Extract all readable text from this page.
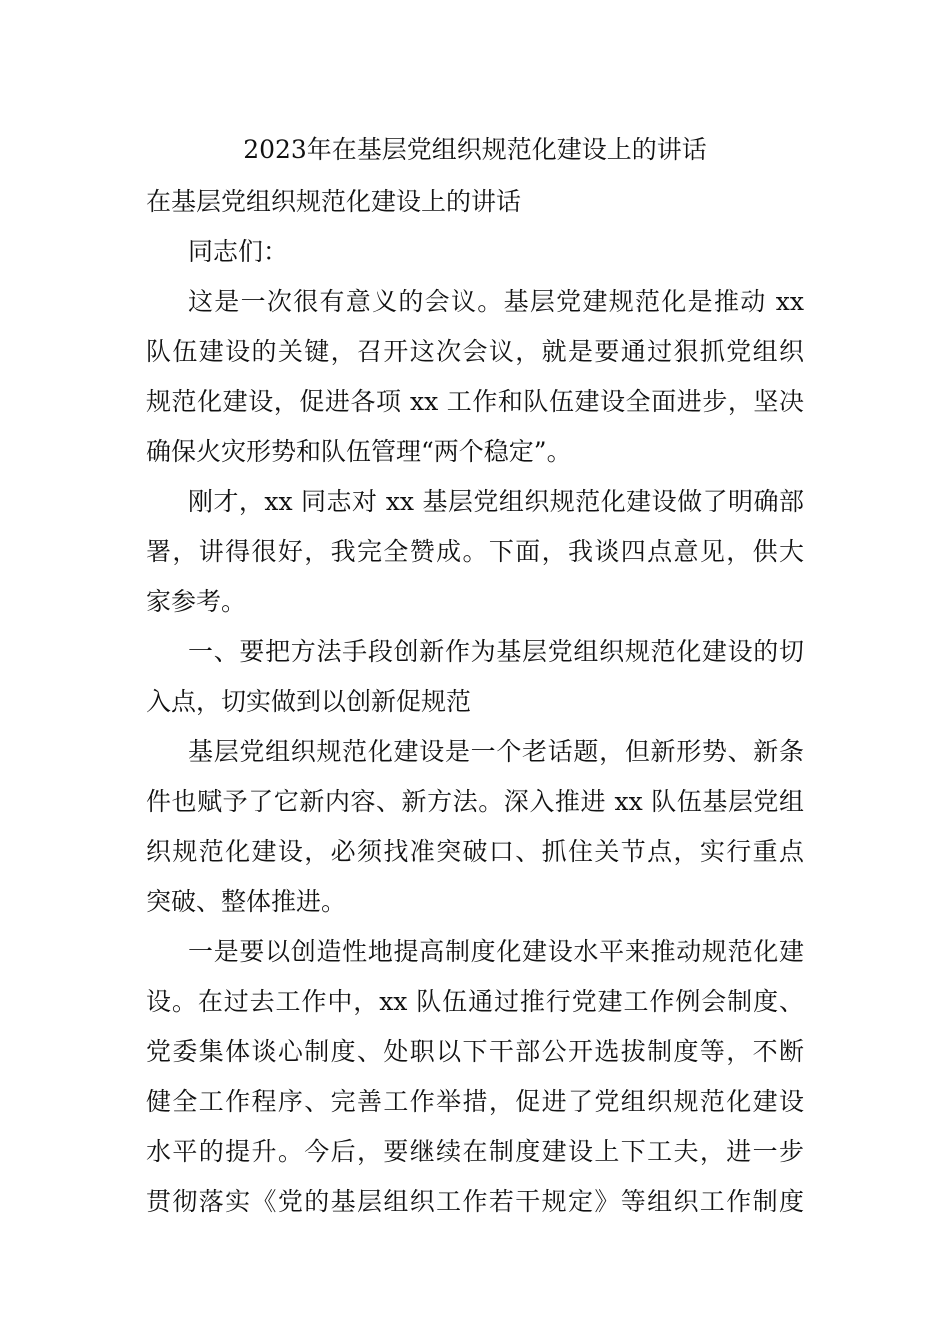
2023年在基层党组织规范化建设上的讲话
在基层党组织规范化建设上的讲话
同志们：
这是一次很有意义的会议。基层党建规范化是推动 xx
队伍建设的关键，召开这次会议，就是要通过狠抓党组织
规范化建设，促进各项 xx 工作和队伍建设全面进步，坚决
确保火灾形势和队伍管理“两个稳定”。
刚才，xx 同志对 xx 基层党组织规范化建设做了明确部
署，讲得很好，我完全赞成。下面，我谈四点意见，供大
家参考。
一、要把方法手段创新作为基层党组织规范化建设的切
入点，切实做到以创新促规范
基层党组织规范化建设是一个老话题，但新形势、新条
件也赋予了它新内容、新方法。深入推进 xx 队伍基层党组
织规范化建设，必须找准突破口、抓住关节点，实行重点
突破、整体推进。
一是要以创造性地提高制度化建设水平来推动规范化建
设。在过去工作中，xx 队伍通过推行党建工作例会制度、
党委集体谈心制度、处职以下干部公开选拔制度等，不断
健全工作程序、完善工作举措，促进了党组织规范化建设
水平的提升。今后，要继续在制度建设上下工夫，进一步
贯彻落实《党的基层组织工作若干规定》等组织工作制度
